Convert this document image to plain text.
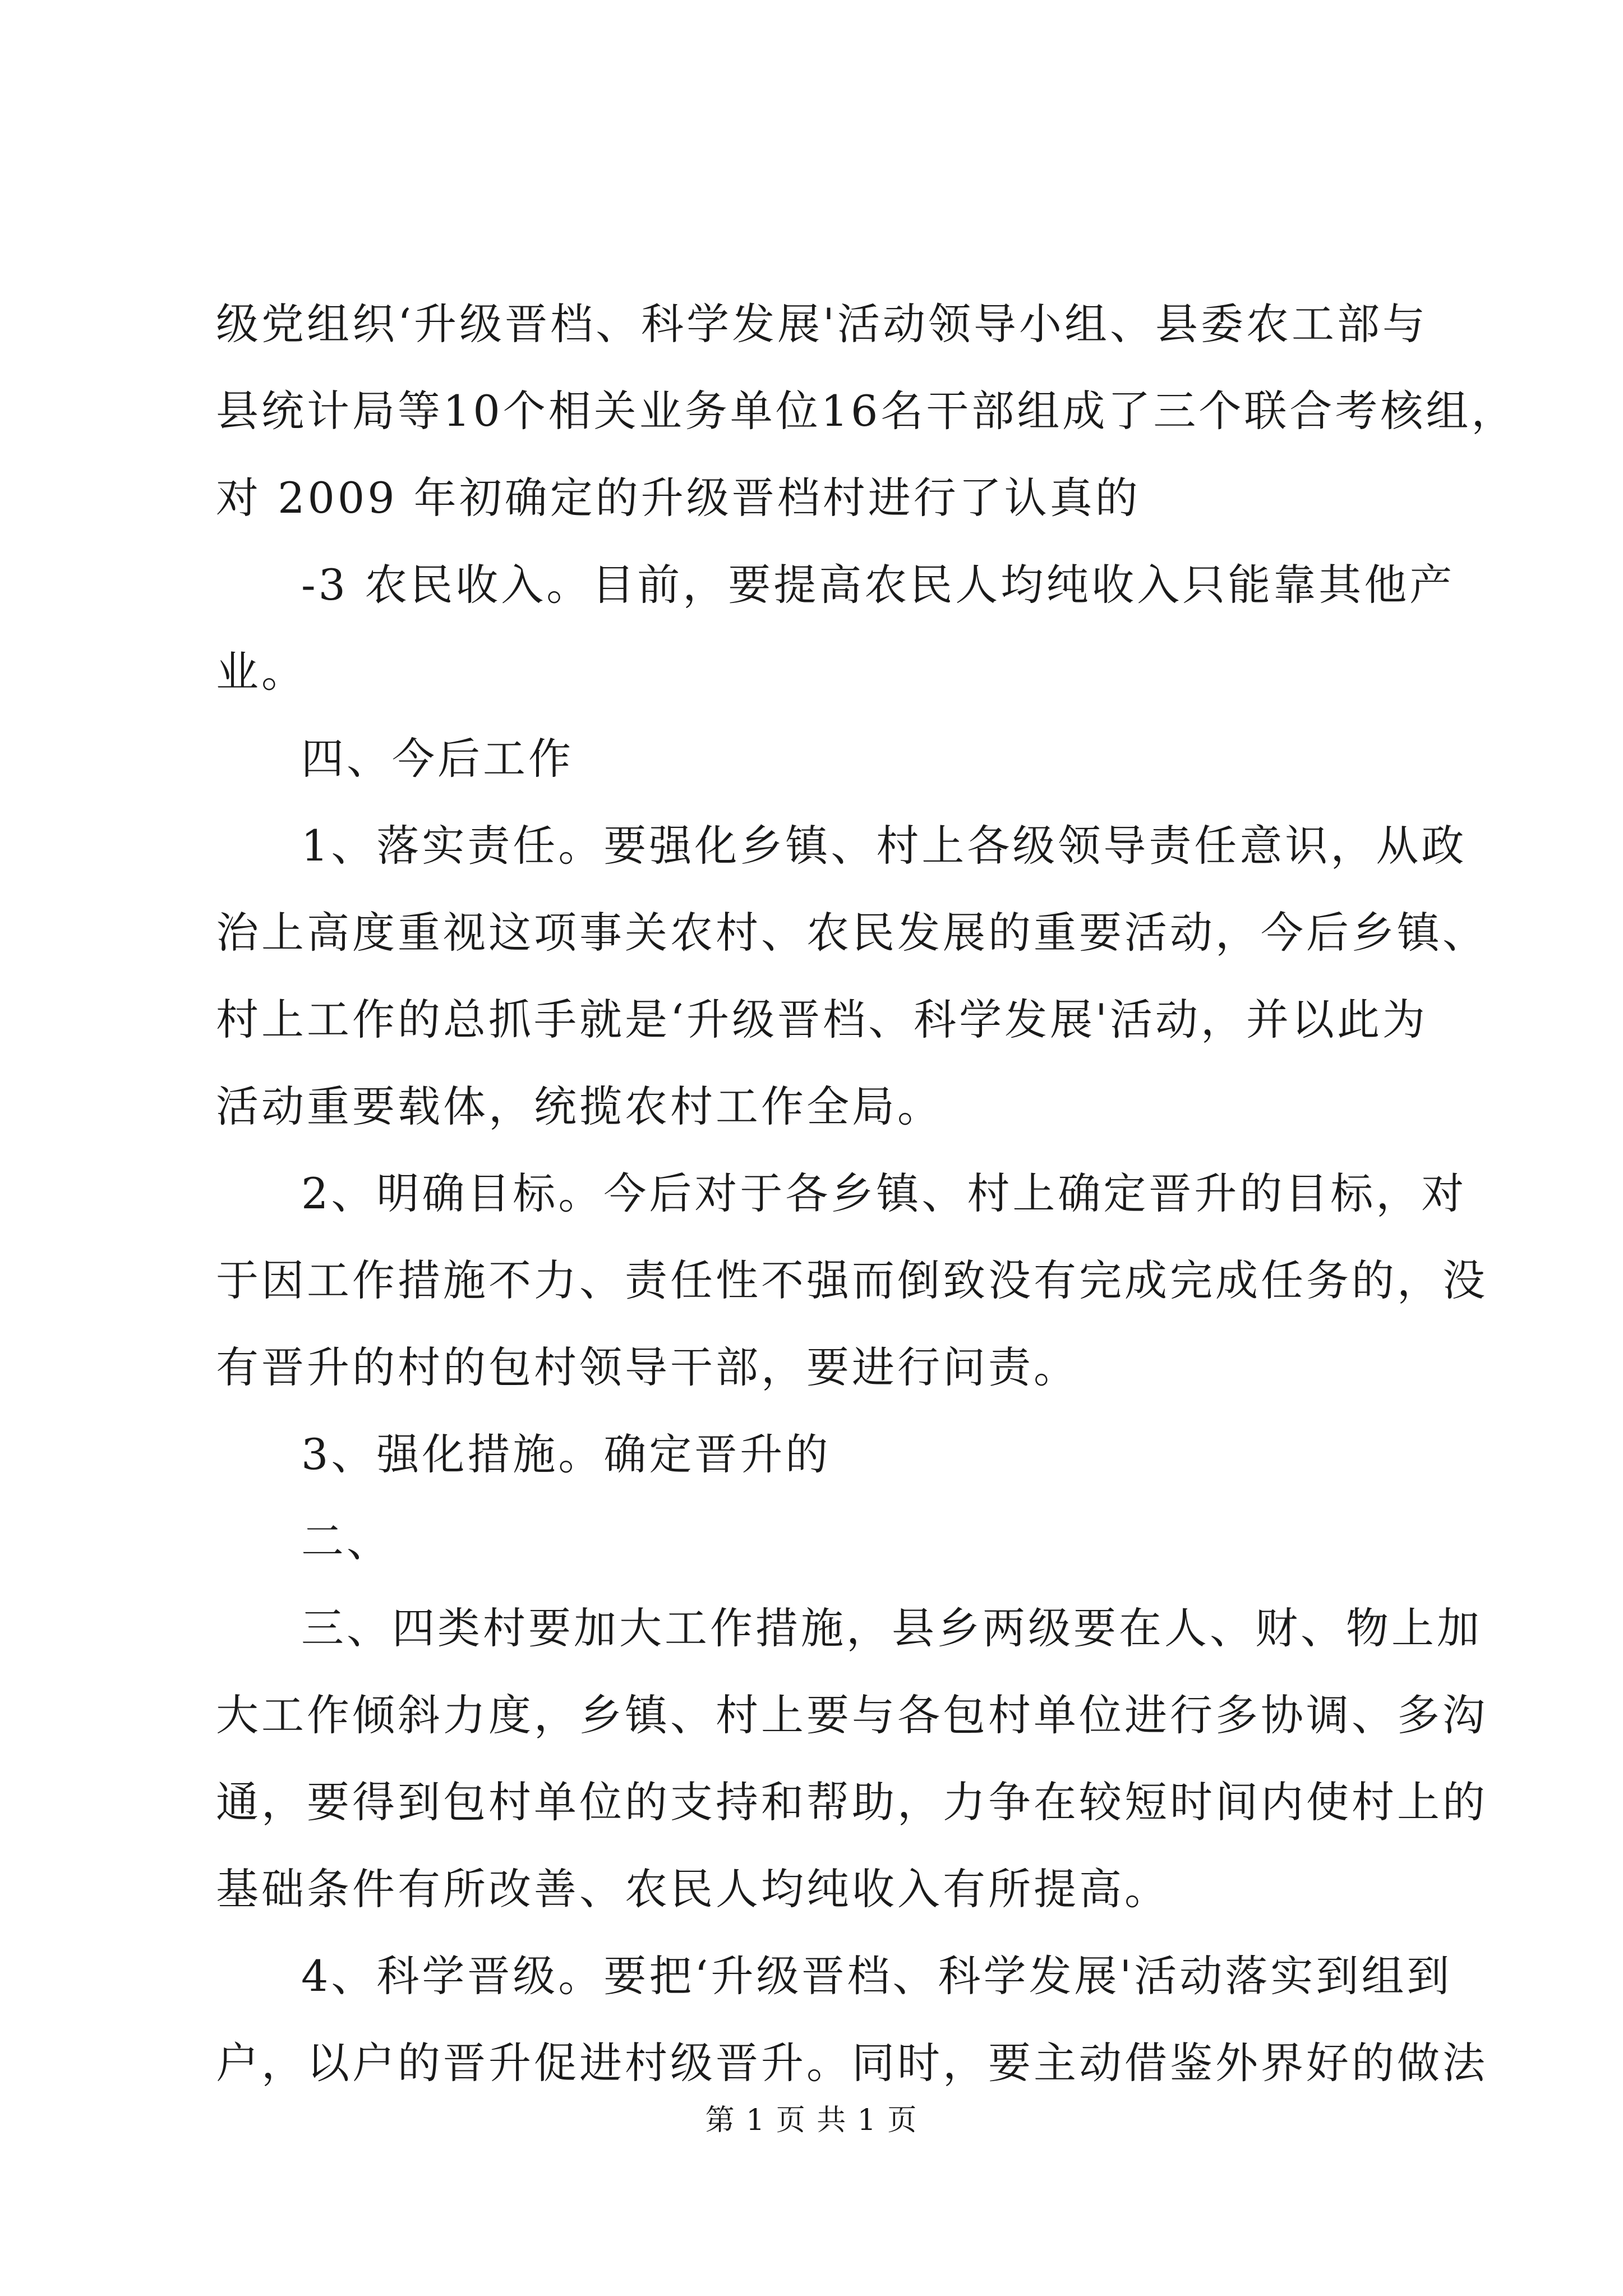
级党组织‘升级晋档、科学发展'活动领导小组、县委农工部与

县统计局等10个相关业务单位16名干部组成了三个联合考核组，

对 2009 年初确定的升级晋档村进行了认真的

-3 农民收入。目前，要提高农民人均纯收入只能靠其他产

业。

四、今后工作

1、落实责任。要强化乡镇、村上各级领导责任意识，从政

治上高度重视这项事关农村、农民发展的重要活动，今后乡镇、

村上工作的总抓手就是‘升级晋档、科学发展'活动，并以此为

活动重要载体，统揽农村工作全局。

2、明确目标。今后对于各乡镇、村上确定晋升的目标，对

于因工作措施不力、责任性不强而倒致没有完成完成任务的，没

有晋升的村的包村领导干部，要进行问责。

3、强化措施。确定晋升的

二、

三、四类村要加大工作措施，县乡两级要在人、财、物上加

大工作倾斜力度，乡镇、村上要与各包村单位进行多协调、多沟

通，要得到包村单位的支持和帮助，力争在较短时间内使村上的

基础条件有所改善、农民人均纯收入有所提高。

4、科学晋级。要把‘升级晋档、科学发展'活动落实到组到

户，以户的晋升促进村级晋升。同时，要主动借鉴外界好的做法

第 1 页 共 1 页
